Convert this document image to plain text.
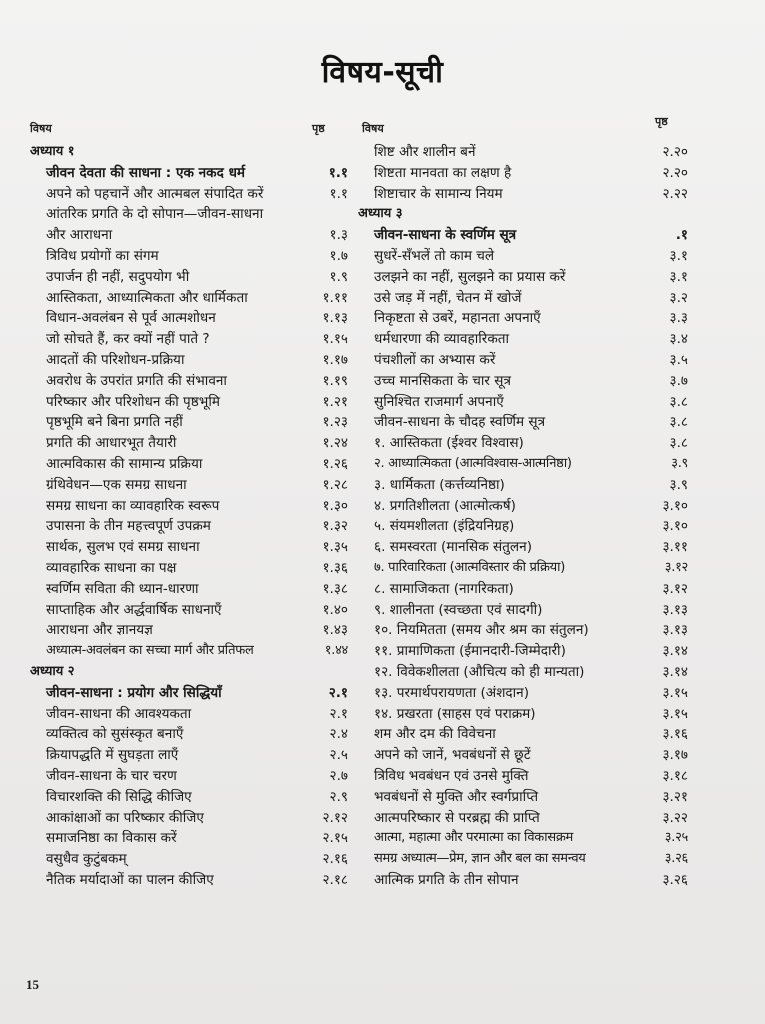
विषय-सूची
विषय	पृष्ठ	विषय
पृष्ठ
अध्याय १
जीवन देवता की साधना : एक नकद धर्म	१.१
अपने को पहचानें और आत्मबल संपादित करें	१.१
आंतरिक प्रगति के दो सोपान—जीवन-साधना
और आराधना	१.३
त्रिविध प्रयोगों का संगम	१.७
उपार्जन ही नहीं, सदुपयोग भी	१.९
आस्तिकता, आध्यात्मिकता और धार्मिकता	१.११
विधान-अवलंबन से पूर्व आत्मशोधन	१.१३
जो सोचते हैं, कर क्यों नहीं पाते ?	१.१५
आदतों की परिशोधन-प्रक्रिया	१.१७
अवरोध के उपरांत प्रगति की संभावना	१.१९
परिष्कार और परिशोधन की पृष्ठभूमि	१.२१
पृष्ठभूमि बने बिना प्रगति नहीं	१.२३
प्रगति की आधारभूत तैयारी	१.२४
आत्मविकास की सामान्य प्रक्रिया	१.२६
ग्रंथिवेधन—एक समग्र साधना	१.२८
समग्र साधना का व्यावहारिक स्वरूप	१.३०
उपासना के तीन महत्त्वपूर्ण उपक्रम	१.३२
सार्थक, सुलभ एवं समग्र साधना	१.३५
व्यावहारिक साधना का पक्ष	१.३६
स्वर्णिम सविता की ध्यान-धारणा	१.३८
साप्ताहिक और अर्द्धवार्षिक साधनाएँ	१.४०
आराधना और ज्ञानयज्ञ	१.४३
अध्यात्म-अवलंबन का सच्चा मार्ग और प्रतिफल	१.४४
अध्याय २
जीवन-साधना : प्रयोग और सिद्धियाँ	२.१
जीवन-साधना की आवश्यकता	२.१
व्यक्तित्व को सुसंस्कृत बनाएँ	२.४
क्रियापद्धति में सुघड़ता लाएँ	२.५
जीवन-साधना के चार चरण	२.७
विचारशक्ति की सिद्धि कीजिए	२.९
आकांक्षाओं का परिष्कार कीजिए	२.१२
समाजनिष्ठा का विकास करें	२.१५
वसुधैव कुटुंबकम्	२.१६
नैतिक मर्यादाओं का पालन कीजिए	२.१८
शिष्ट और शालीन बनें	२.२०
शिष्टता मानवता का लक्षण है	२.२०
शिष्टाचार के सामान्य नियम	२.२२
अध्याय ३
जीवन-साधना के स्वर्णिम सूत्र	.१
सुधरें-सँभलें तो काम चले	३.१
उलझने का नहीं, सुलझने का प्रयास करें	३.१
उसे जड़ में नहीं, चेतन में खोजें	३.२
निकृष्टता से उबरें, महानता अपनाएँ	३.३
धर्मधारणा की व्यावहारिकता	३.४
पंचशीलों का अभ्यास करें	३.५
उच्च मानसिकता के चार सूत्र	३.७
सुनिश्चित राजमार्ग अपनाएँ	३.८
जीवन-साधना के चौदह स्वर्णिम सूत्र	३.८
१. आस्तिकता (ईश्वर विश्वास)	३.८
२. आध्यात्मिकता (आत्मविश्वास-आत्मनिष्ठा)	३.९
३. धार्मिकता (कर्त्तव्यनिष्ठा)	३.९
४. प्रगतिशीलता (आत्मोत्कर्ष)	३.१०
५. संयमशीलता (इंद्रियनिग्रह)	३.१०
६. समस्वरता (मानसिक संतुलन)	३.११
७. पारिवारिकता (आत्मविस्तार की प्रक्रिया)	३.१२
८. सामाजिकता (नागरिकता)	३.१२
९. शालीनता (स्वच्छता एवं सादगी)	३.१३
१०. नियमितता (समय और श्रम का संतुलन)	३.१३
११. प्रामाणिकता (ईमानदारी-जिम्मेदारी)	३.१४
१२. विवेकशीलता (औचित्य को ही मान्यता)	३.१४
१३. परमार्थपरायणता (अंशदान)	३.१५
१४. प्रखरता (साहस एवं पराक्रम)	३.१५
शम और दम की विवेचना	३.१६
अपने को जानें, भवबंधनों से छूटें	३.१७
त्रिविध भवबंधन एवं उनसे मुक्ति	३.१८
भवबंधनों से मुक्ति और स्वर्गप्राप्ति	३.२१
आत्मपरिष्कार से परब्रह्म की प्राप्ति	३.२२
आत्मा, महात्मा और परमात्मा का विकासक्रम	३.२५
समग्र अध्यात्म—प्रेम, ज्ञान और बल का समन्वय	३.२६
आत्मिक प्रगति के तीन सोपान	३.२६
15
